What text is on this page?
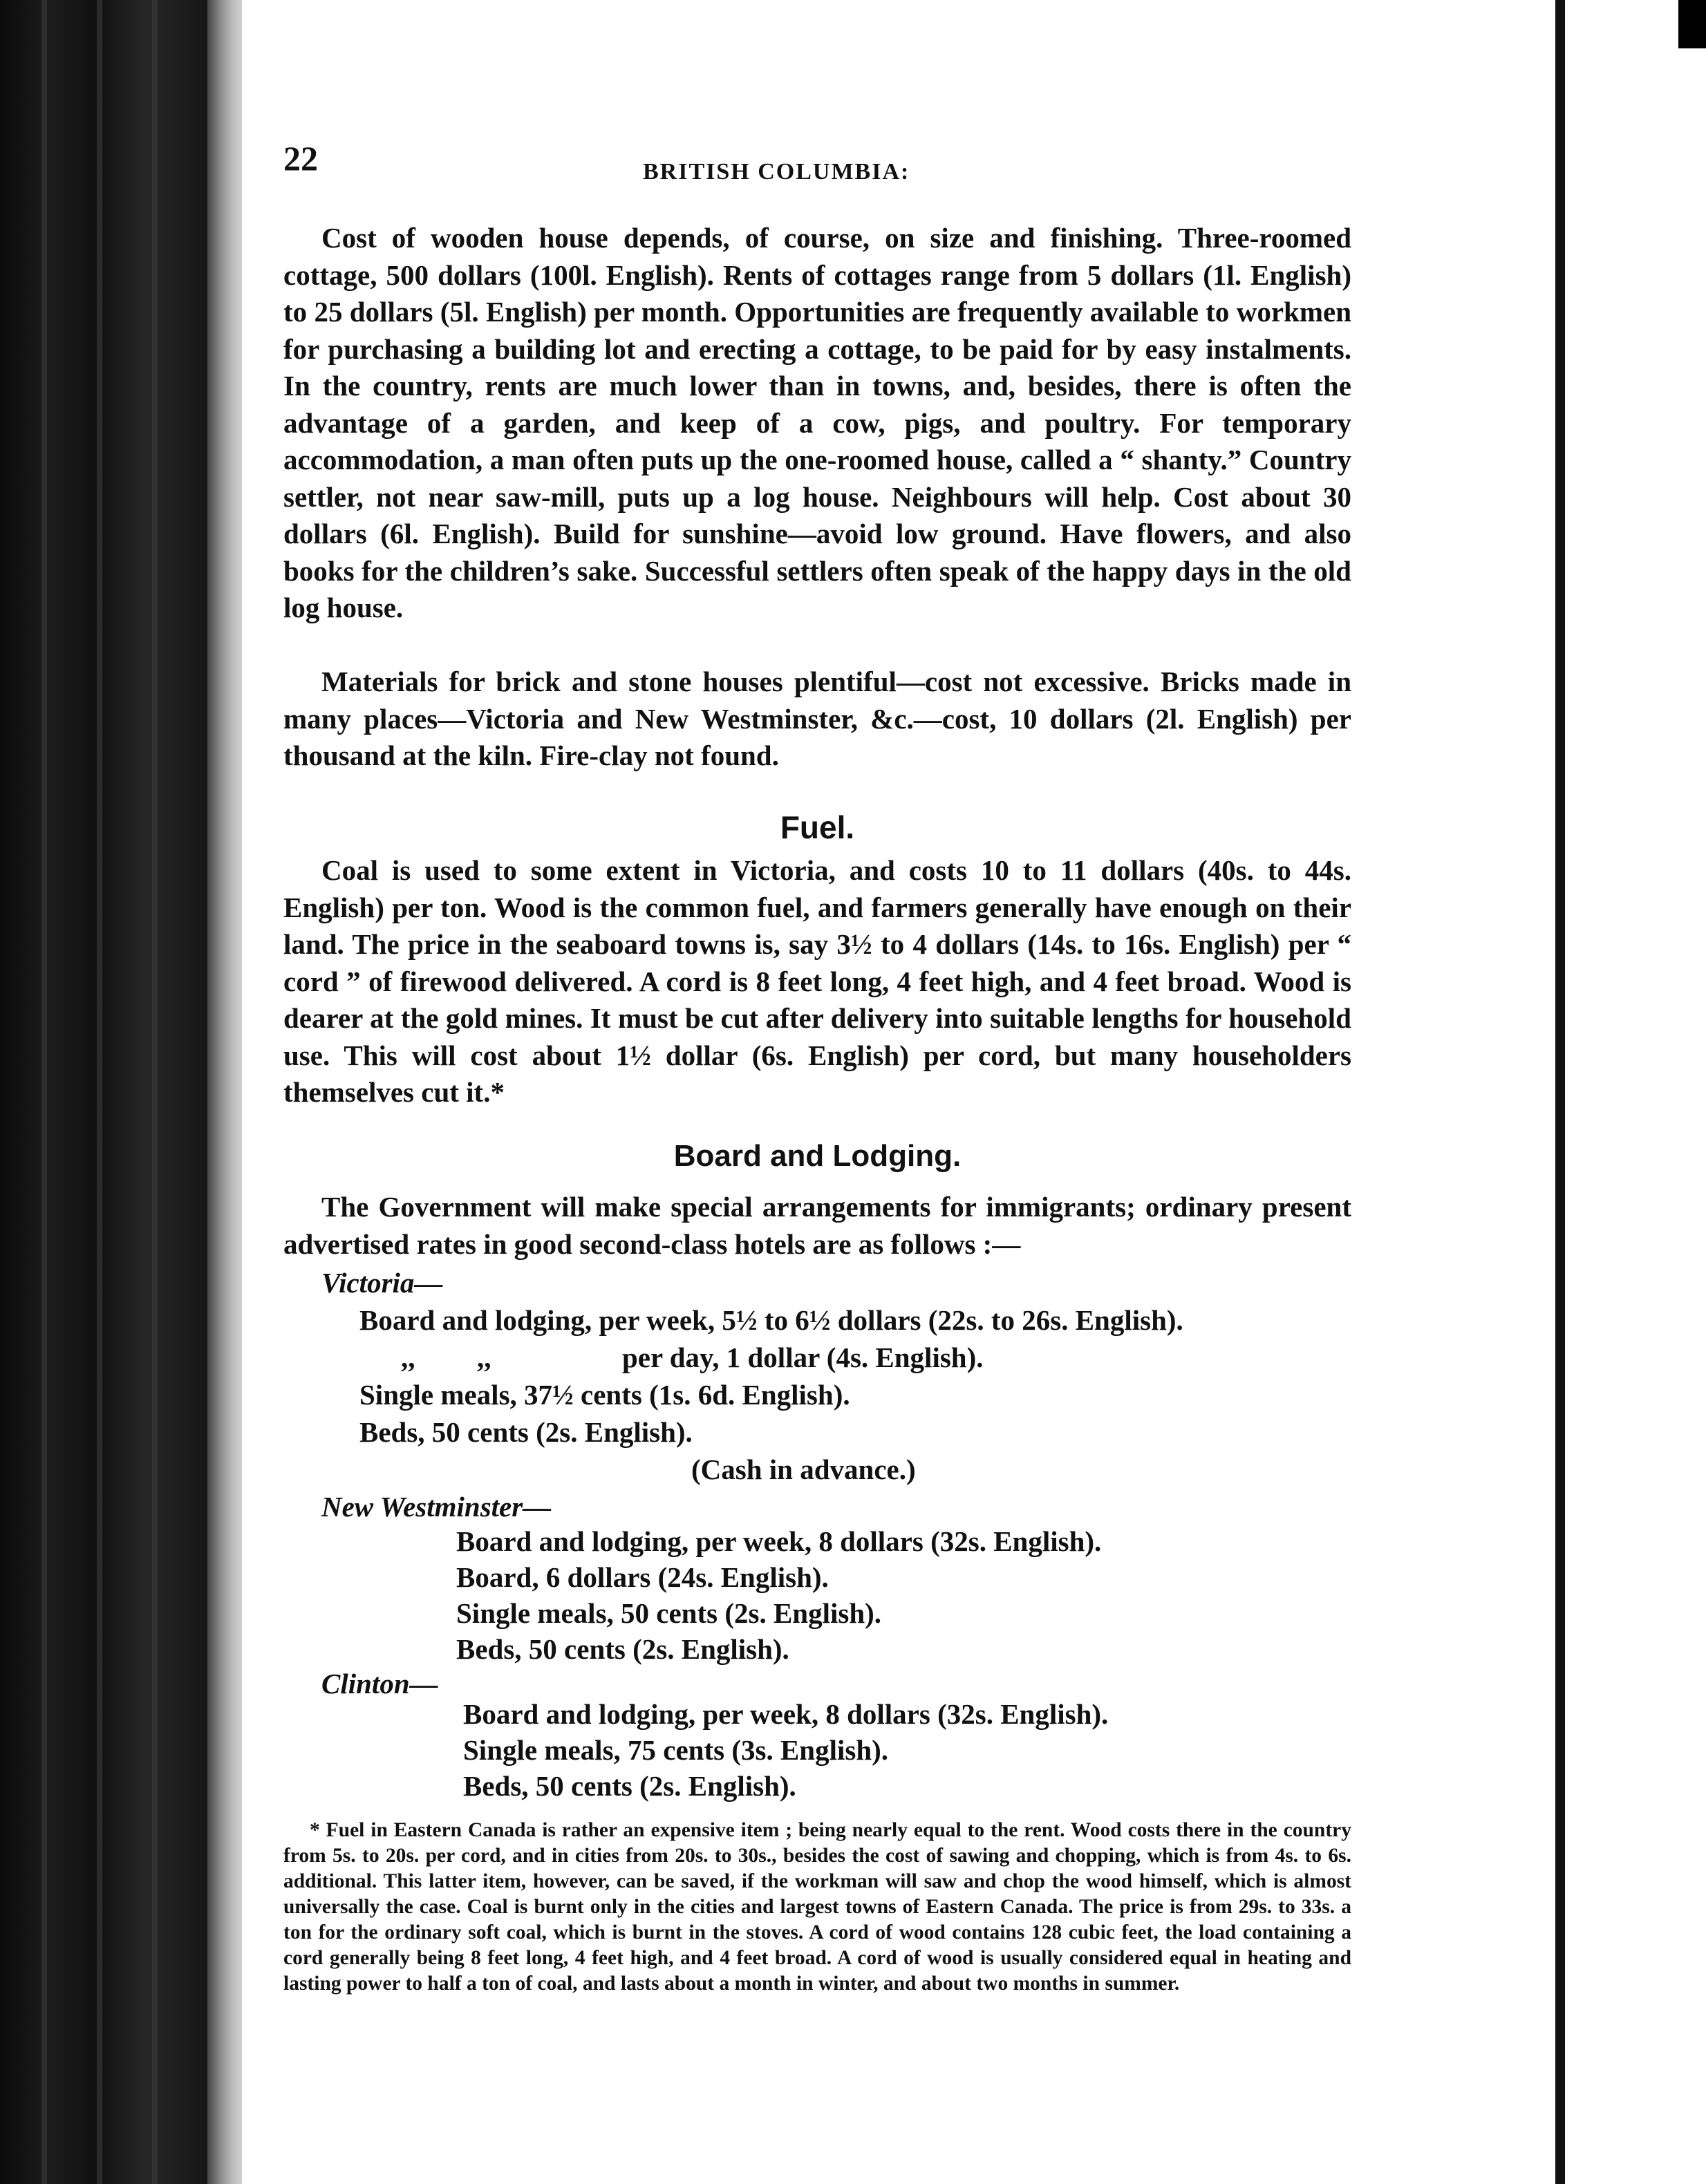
22	BRITISH COLUMBIA:

Cost of wooden house depends, of course, on size and finishing. Three-roomed cottage, 500 dollars (100l. English). Rents of cottages range from 5 dollars (1l. English) to 25 dollars (5l. English) per month. Opportunities are frequently available to workmen for purchasing a building lot and erecting a cottage, to be paid for by easy instalments. In the country, rents are much lower than in towns, and, besides, there is often the advantage of a garden, and keep of a cow, pigs, and poultry. For temporary accommodation, a man often puts up the one-roomed house, called a “ shanty.” Country settler, not near saw-mill, puts up a log house. Neighbours will help. Cost about 30 dollars (6l. English). Build for sunshine—avoid low ground. Have flowers, and also books for the children’s sake. Successful settlers often speak of the happy days in the old log house.

Materials for brick and stone houses plentiful—cost not excessive. Bricks made in many places—Victoria and New Westminster, &c.—cost, 10 dollars (2l. English) per thousand at the kiln. Fire-clay not found.

Fuel.

Coal is used to some extent in Victoria, and costs 10 to 11 dollars (40s. to 44s. English) per ton. Wood is the common fuel, and farmers generally have enough on their land. The price in the seaboard towns is, say 3½ to 4 dollars (14s. to 16s. English) per “ cord ” of firewood delivered. A cord is 8 feet long, 4 feet high, and 4 feet broad. Wood is dearer at the gold mines. It must be cut after delivery into suitable lengths for household use. This will cost about 1½ dollar (6s. English) per cord, but many householders themselves cut it.*

Board and Lodging.

The Government will make special arrangements for immigrants; ordinary present advertised rates in good second-class hotels are as follows :—

Victoria—
Board and lodging, per week, 5½ to 6½ dollars (22s. to 26s. English).
,, ,,	per day, 1 dollar (4s. English).
Single meals, 37½ cents (1s. 6d. English).
Beds, 50 cents (2s. English).
(Cash in advance.)
New Westminster—
Board and lodging, per week, 8 dollars (32s. English).
Board, 6 dollars (24s. English).
Single meals, 50 cents (2s. English).
Beds, 50 cents (2s. English).
Clinton—
Board and lodging, per week, 8 dollars (32s. English).
Single meals, 75 cents (3s. English).
Beds, 50 cents (2s. English).

* Fuel in Eastern Canada is rather an expensive item ; being nearly equal to the rent. Wood costs there in the country from 5s. to 20s. per cord, and in cities from 20s. to 30s., besides the cost of sawing and chopping, which is from 4s. to 6s. additional. This latter item, however, can be saved, if the workman will saw and chop the wood himself, which is almost universally the case. Coal is burnt only in the cities and largest towns of Eastern Canada. The price is from 29s. to 33s. a ton for the ordinary soft coal, which is burnt in the stoves. A cord of wood contains 128 cubic feet, the load containing a cord generally being 8 feet long, 4 feet high, and 4 feet broad. A cord of wood is usually considered equal in heating and lasting power to half a ton of coal, and lasts about a month in winter, and about two months in summer.
